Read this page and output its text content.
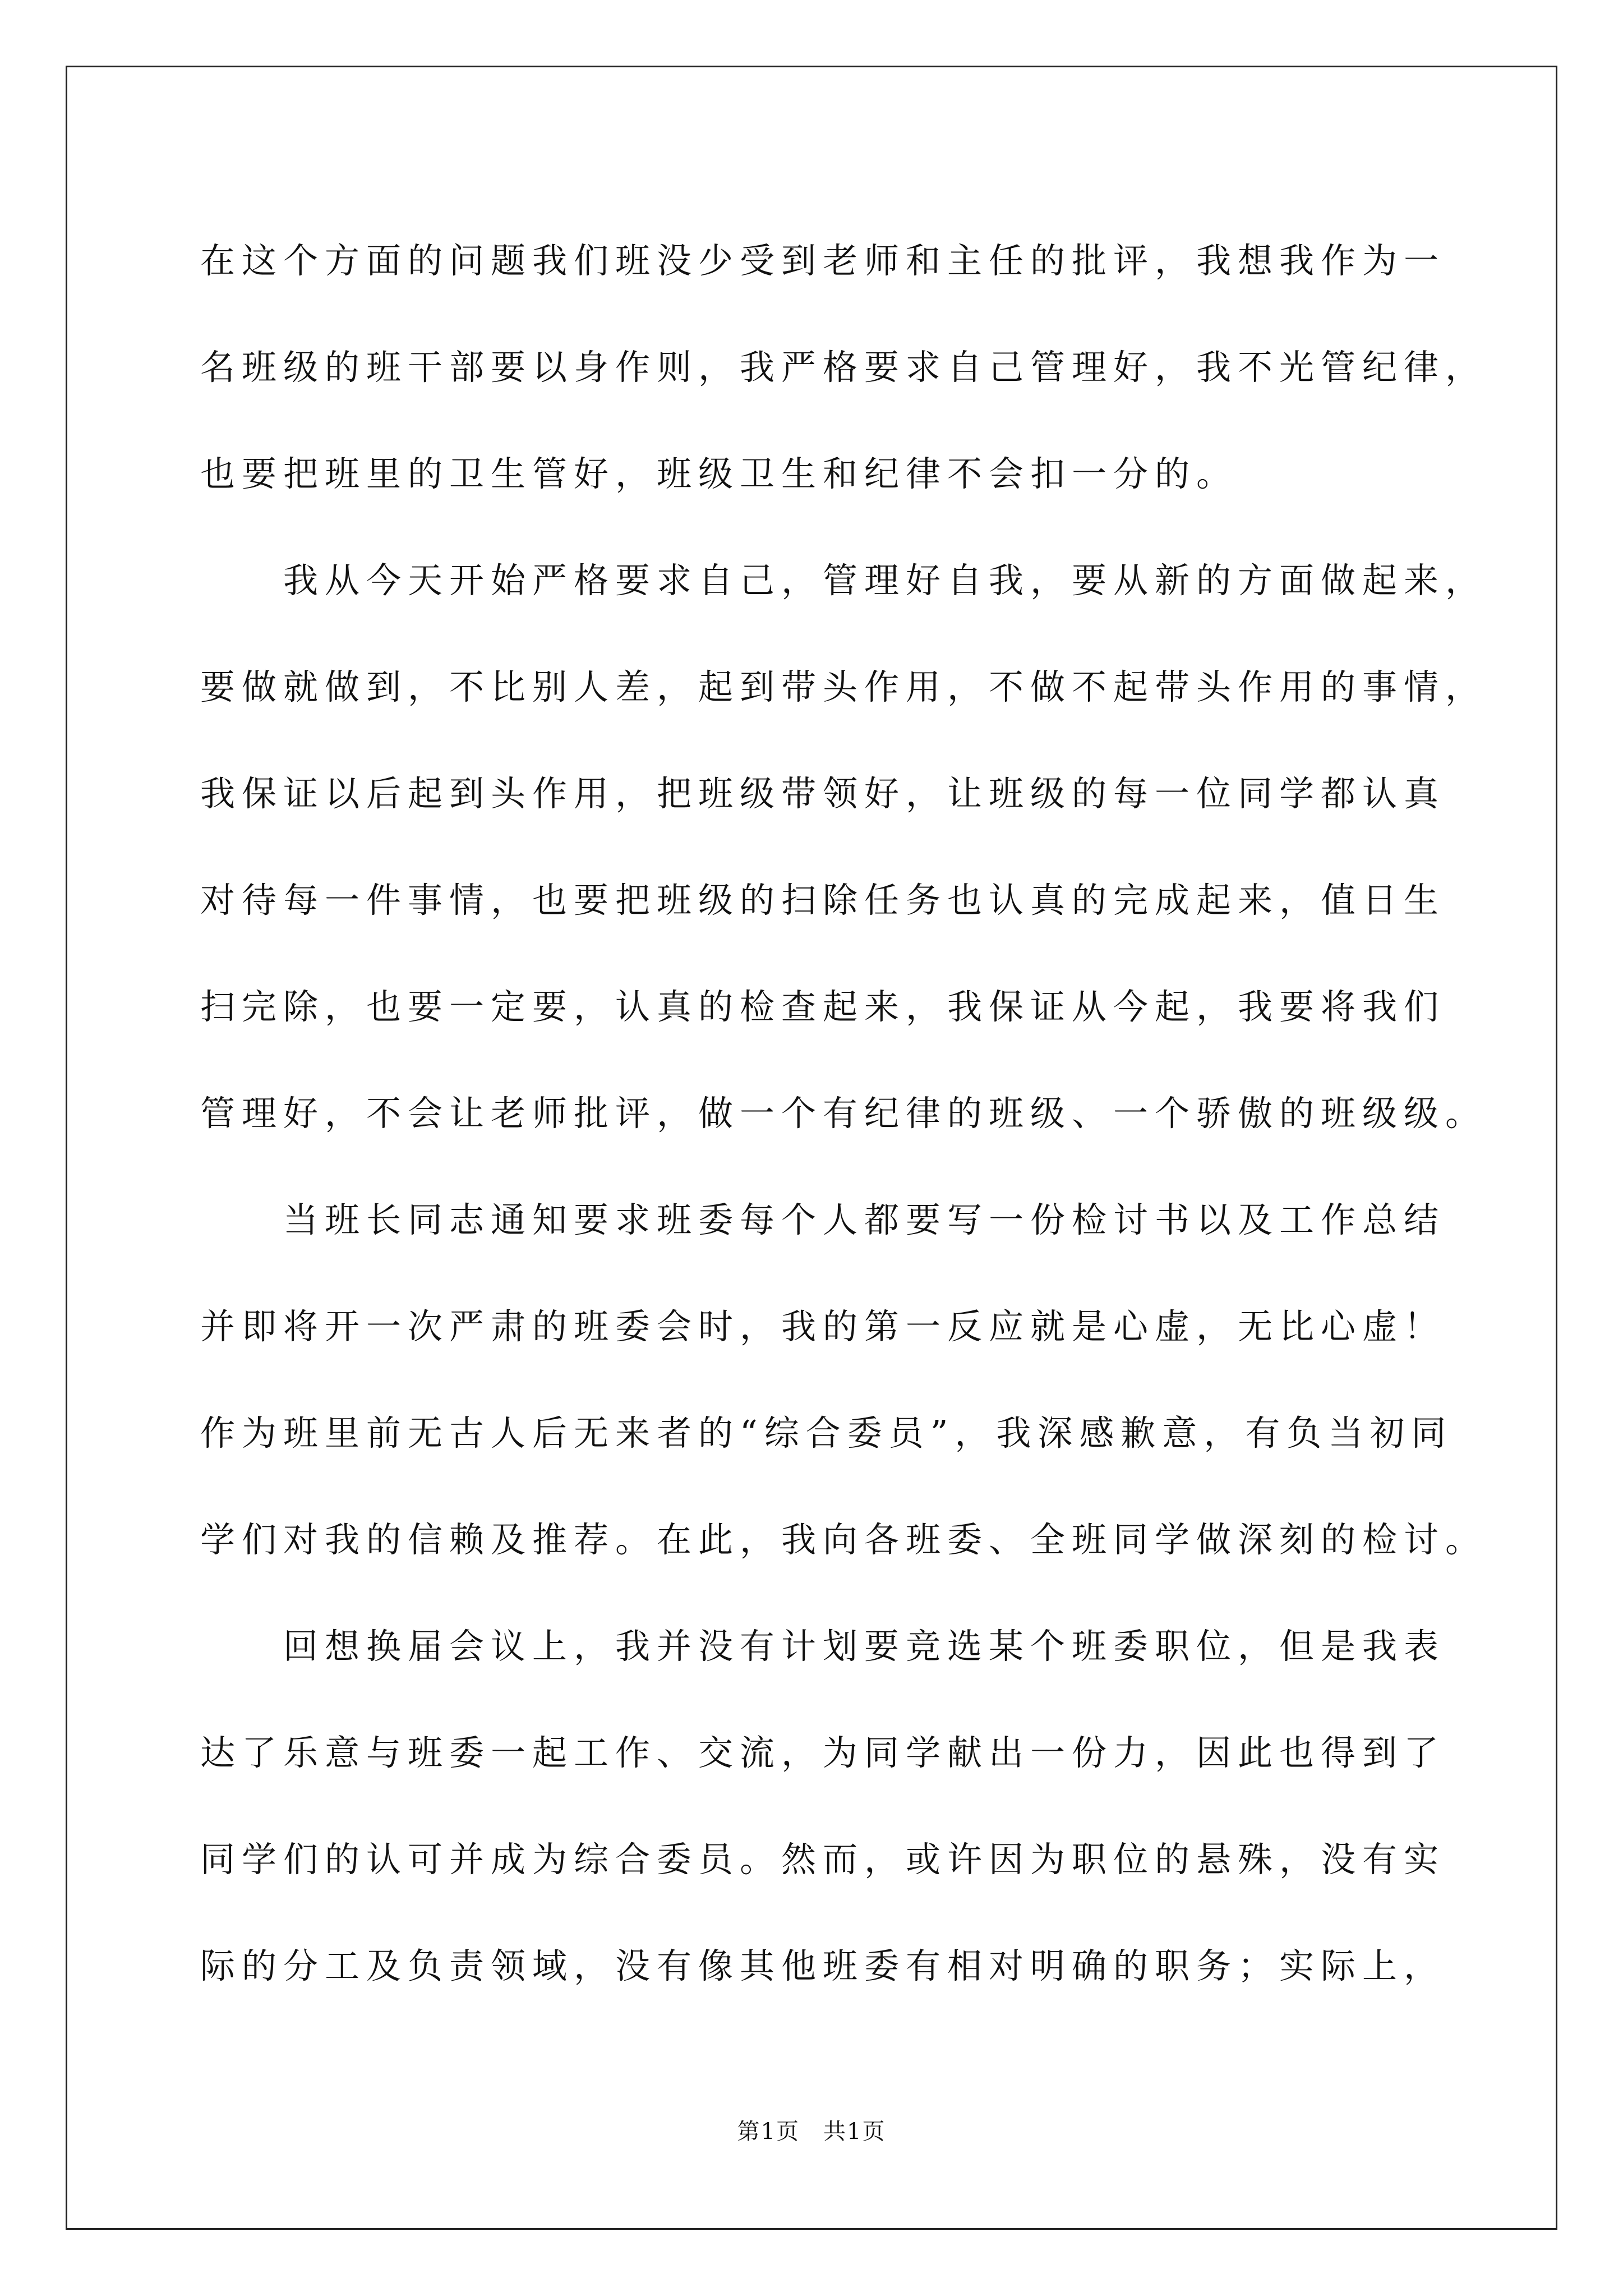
在这个方面的问题我们班没少受到老师和主任的批评，我想我作为一
名班级的班干部要以身作则，我严格要求自己管理好，我不光管纪律，
也要把班里的卫生管好，班级卫生和纪律不会扣一分的。
　　我从今天开始严格要求自己，管理好自我，要从新的方面做起来，
要做就做到，不比别人差，起到带头作用，不做不起带头作用的事情，
我保证以后起到头作用，把班级带领好，让班级的每一位同学都认真
对待每一件事情，也要把班级的扫除任务也认真的完成起来，值日生
扫完除，也要一定要，认真的检查起来，我保证从今起，我要将我们
管理好，不会让老师批评，做一个有纪律的班级、一个骄傲的班级级。
　　当班长同志通知要求班委每个人都要写一份检讨书以及工作总结
并即将开一次严肃的班委会时，我的第一反应就是心虚，无比心虚！
作为班里前无古人后无来者的“综合委员”，我深感歉意，有负当初同
学们对我的信赖及推荐。在此，我向各班委、全班同学做深刻的检讨。
　　回想换届会议上，我并没有计划要竞选某个班委职位，但是我表
达了乐意与班委一起工作、交流，为同学献出一份力，因此也得到了
同学们的认可并成为综合委员。然而，或许因为职位的悬殊，没有实
际的分工及负责领域，没有像其他班委有相对明确的职务；实际上，
第1页　共1页
